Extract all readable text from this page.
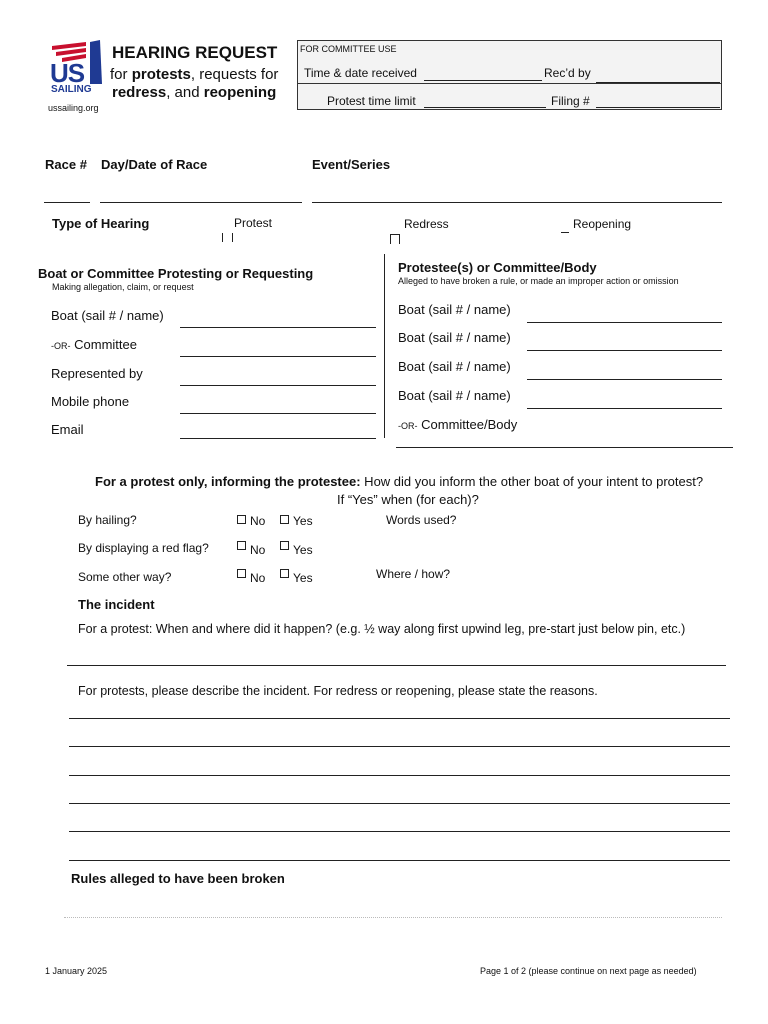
US
SAILING
ussailing.org
HEARING REQUEST
for protests, requests for
redress, and reopening
FOR COMMITTEE USE
Time & date received	Rec’d by
Protest time limit	Filing #
Race # Day/Date of Race	Event/Series
Type of Hearing	Protest	Redress	Reopening
Boat or Committee Protesting or Requesting
Making allegation, claim, or request
Boat (sail # / name)
-OR- Committee
Represented by
Mobile phone
Email
Protestee(s) or Committee/Body
Alleged to have broken a rule, or made an improper action or omission
Boat (sail # / name)
Boat (sail # / name)
Boat (sail # / name)
Boat (sail # / name)
-OR- Committee/Body
For a protest only, informing the protestee: How did you inform the other boat of your intent to protest?
If “Yes” when (for each)?
By hailing?	No Yes	Words used?
By displaying a red flag?	No Yes
Some other way?	No Yes	Where / how?
The incident
For a protest: When and where did it happen? (e.g. ½ way along first upwind leg, pre-start just below pin, etc.)
For protests, please describe the incident. For redress or reopening, please state the reasons.
Rules alleged to have been broken
1 January 2025	Page 1 of 2 (please continue on next page as needed)
